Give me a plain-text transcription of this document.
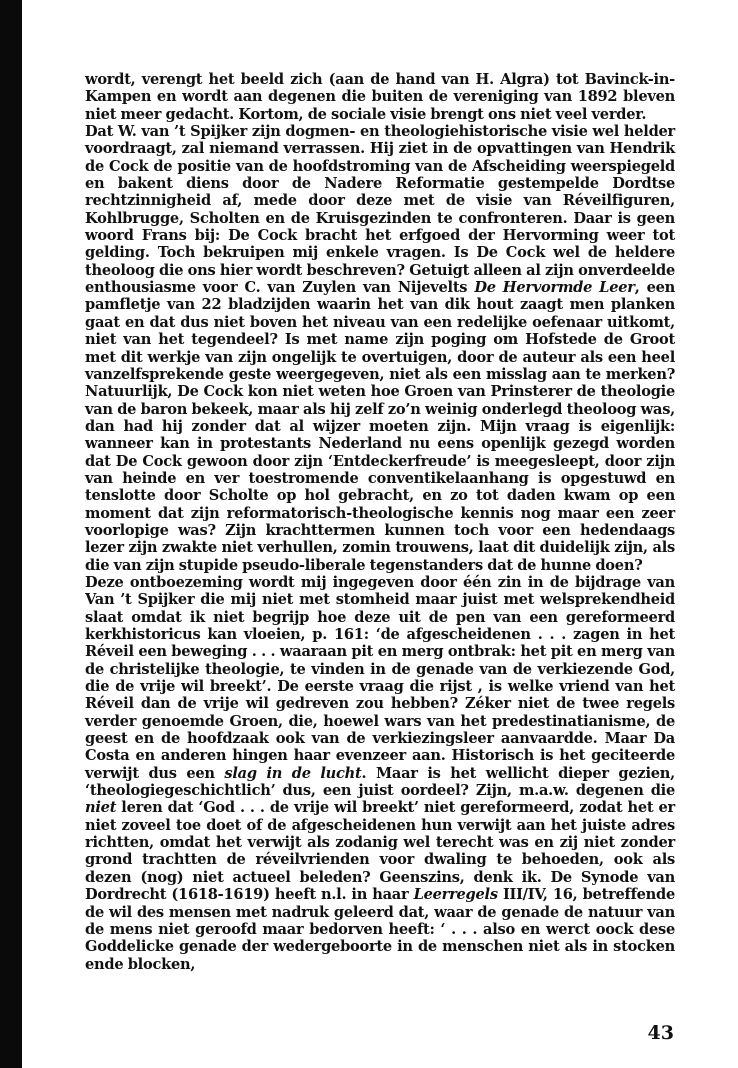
wordt, verengt het beeld zich (aan de hand van H. Algra) tot Bavinck-in-Kampen en wordt aan degenen die buiten de vereniging van 1892 bleven niet meer gedacht. Kortom, de sociale visie brengt ons niet veel verder.

Dat W. van ’t Spijker zijn dogmen- en theologiehistorische visie wel helder voordraagt, zal niemand verrassen. Hij ziet in de opvattingen van Hendrik de Cock de positie van de hoofdstroming van de Afscheiding weerspiegeld en bakent diens door de Nadere Reformatie gestempelde Dordtse rechtzinnigheid af, mede door deze met de visie van Réveilfiguren, Kohlbrugge, Scholten en de Kruisgezinden te confronteren. Daar is geen woord Frans bij: De Cock bracht het erfgoed der Hervorming weer tot gelding. Toch bekruipen mij enkele vragen. Is De Cock wel de heldere theoloog die ons hier wordt beschreven? Getuigt alleen al zijn onverdeelde enthousiasme voor C. van Zuylen van Nijevelts De Hervormde Leer, een pamfletje van 22 bladzijden waarin het van dik hout zaagt men planken gaat en dat dus niet boven het niveau van een redelijke oefenaar uitkomt, niet van het tegendeel? Is met name zijn poging om Hofstede de Groot met dit werkje van zijn ongelijk te overtuigen, door de auteur als een heel vanzelfsprekende geste weergegeven, niet als een misslag aan te merken? Natuurlijk, De Cock kon niet weten hoe Groen van Prinsterer de theologie van de baron bekeek, maar als hij zelf zo’n weinig onderlegd theoloog was, dan had hij zonder dat al wijzer moeten zijn. Mijn vraag is eigenlijk: wanneer kan in protestants Nederland nu eens openlijk gezegd worden dat De Cock gewoon door zijn ‘Entdeckerfreude’ is meegesleept, door zijn van heinde en ver toestromende conventikelaanhang is opgestuwd en tenslotte door Scholte op hol gebracht, en zo tot daden kwam op een moment dat zijn reformatorisch-theologische kennis nog maar een zeer voorlopige was? Zijn krachttermen kunnen toch voor een hedendaags lezer zijn zwakte niet verhullen, zomin trouwens, laat dit duidelijk zijn, als die van zijn stupide pseudo-liberale tegenstanders dat de hunne doen?

Deze ontboezeming wordt mij ingegeven door één zin in de bijdrage van Van ’t Spijker die mij niet met stomheid maar juist met welsprekendheid slaat omdat ik niet begrijp hoe deze uit de pen van een gereformeerd kerkhistoricus kan vloeien, p. 161: ‘de afgescheidenen . . . zagen in het Réveil een beweging . . . waaraan pit en merg ontbrak: het pit en merg van de christelijke theologie, te vinden in de genade van de verkiezende God, die de vrije wil breekt’. De eerste vraag die rijst , is welke vriend van het Réveil dan de vrije wil gedreven zou hebben? Zéker niet de twee regels verder genoemde Groen, die, hoewel wars van het predestinatianisme, de geest en de hoofdzaak ook van de verkiezingsleer aanvaardde. Maar Da Costa en anderen hingen haar evenzeer aan. Historisch is het geciteerde verwijt dus een slag in de lucht. Maar is het wellicht dieper gezien, ‘theologiegeschichtlich’ dus, een juist oordeel? Zijn, m.a.w. degenen die niet leren dat ‘God . . . de vrije wil breekt’ niet gereformeerd, zodat het er niet zoveel toe doet of de afgescheidenen hun verwijt aan het juiste adres richtten, omdat het verwijt als zodanig wel terecht was en zij niet zonder grond trachtten de réveilvrienden voor dwaling te behoeden, ook als dezen (nog) niet actueel beleden? Geenszins, denk ik. De Synode van Dordrecht (1618-1619) heeft n.l. in haar Leerregels III/IV, 16, betreffende de wil des mensen met nadruk geleerd dat, waar de genade de natuur van de mens niet geroofd maar bedorven heeft: ‘ . . . also en werct oock desе Goddelicke genade der wedergeboorte in de menschen niet als in stocken ende blocken,

43
